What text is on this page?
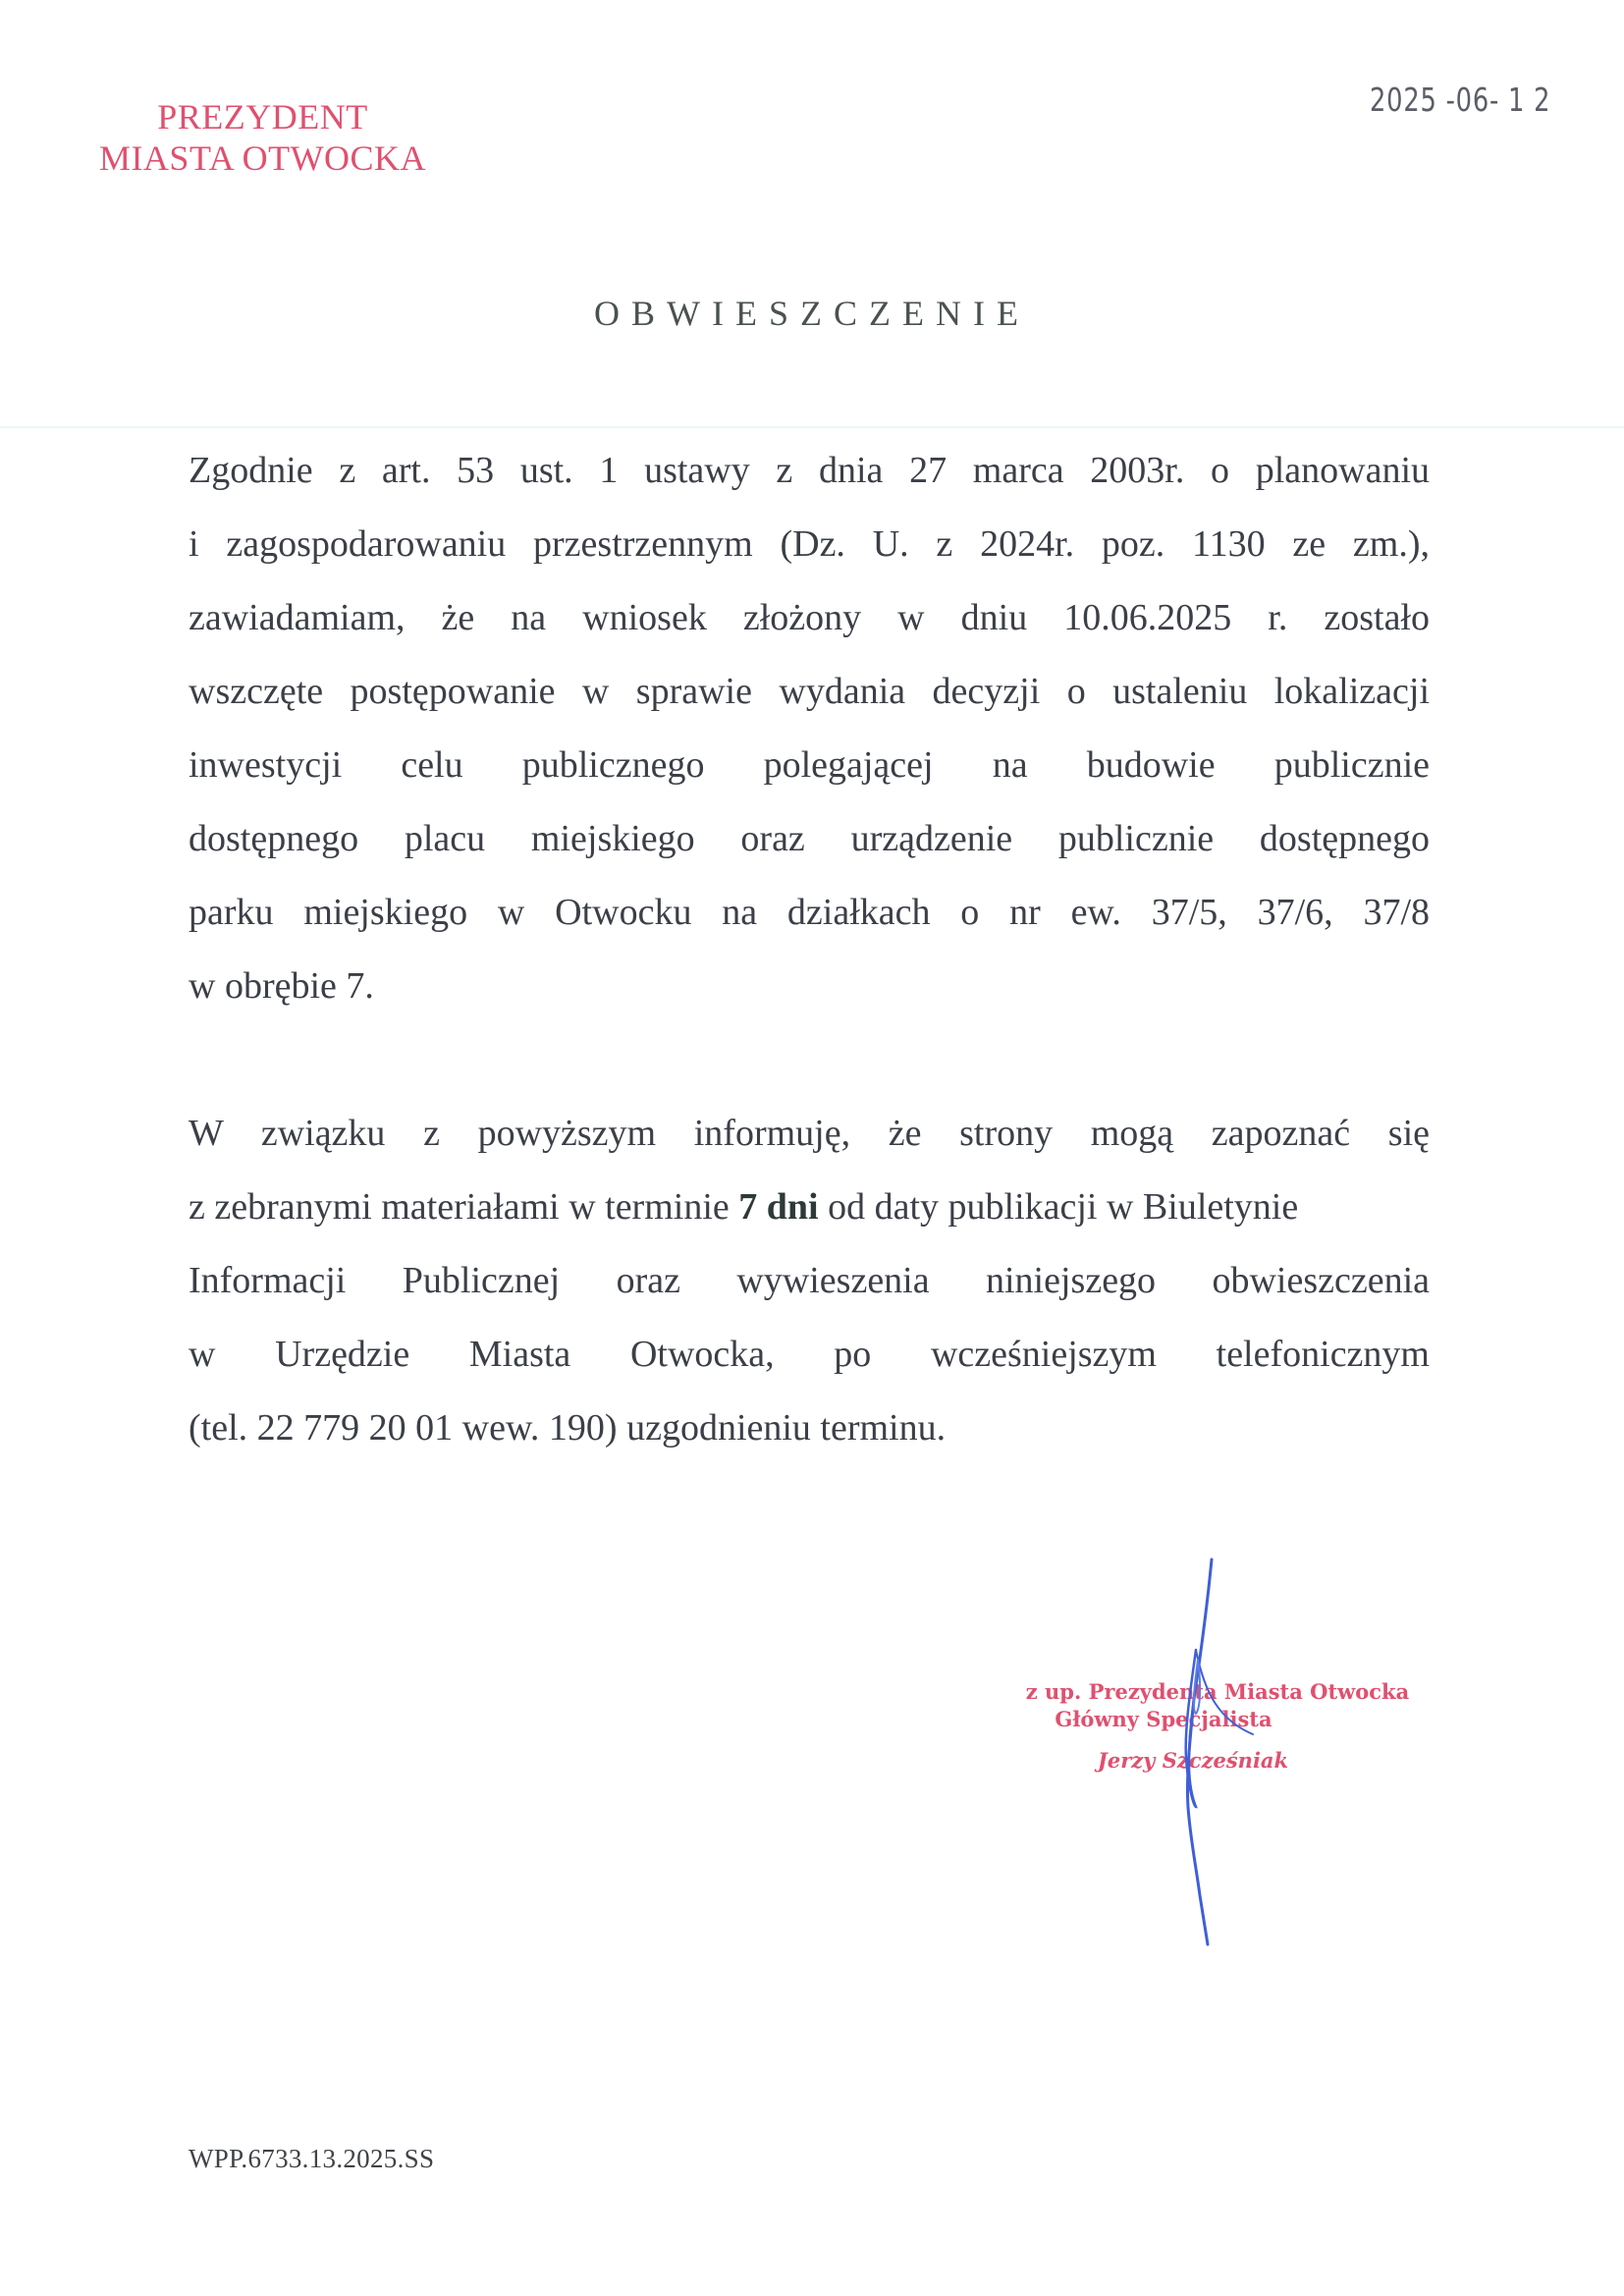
PREZYDENT
MIASTA OTWOCKA
2025 -06- 1 2
OBWIESZCZENIE
Zgodnie z art. 53 ust. 1 ustawy z dnia 27 marca 2003r. o planowaniu
i zagospodarowaniu przestrzennym (Dz. U. z 2024r. poz. 1130 ze zm.),
zawiadamiam, że na wniosek złożony w dniu 10.06.2025 r. zostało
wszczęte postępowanie w sprawie wydania decyzji o ustaleniu lokalizacji
inwestycji celu publicznego polegającej na budowie publicznie
dostępnego placu miejskiego oraz urządzenie publicznie dostępnego
parku miejskiego w Otwocku na działkach o nr ew. 37/5, 37/6, 37/8
w obrębie 7.
W związku z powyższym informuję, że strony mogą zapoznać się
z zebranymi materiałami w terminie 7 dni od daty publikacji w Biuletynie
Informacji Publicznej oraz wywieszenia niniejszego obwieszczenia
w Urzędzie Miasta Otwocka, po wcześniejszym telefonicznym
(tel. 22 779 20 01 wew. 190) uzgodnieniu terminu.
z up. Prezydenta Miasta Otwocka
Główny Specjalista
Jerzy Szcześniak
WPP.6733.13.2025.SS
